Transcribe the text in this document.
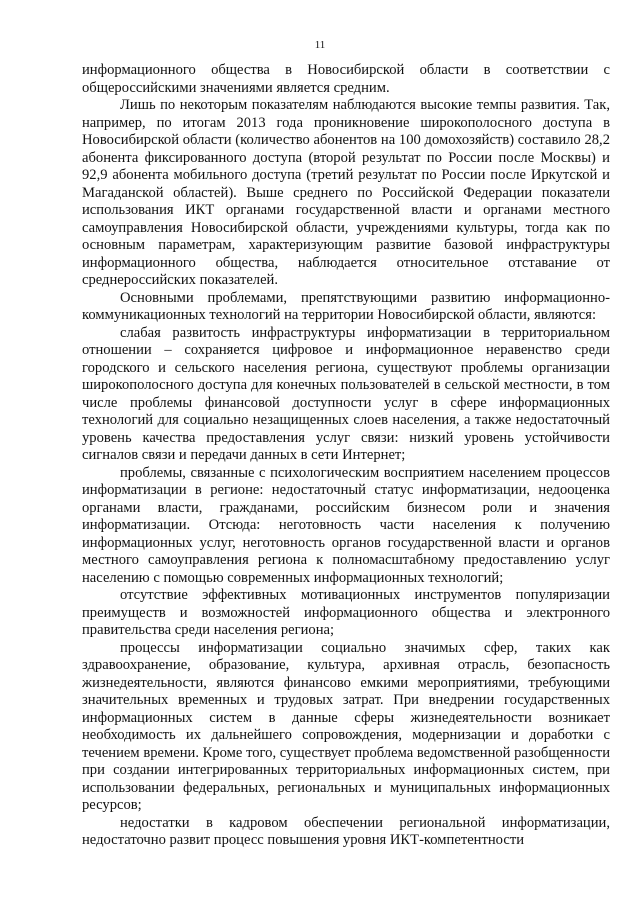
11

информационного общества в Новосибирской области в соответствии с общероссийскими значениями является средним.

Лишь по некоторым показателям наблюдаются высокие темпы развития. Так, например, по итогам 2013 года проникновение широкополосного доступа в Новосибирской области (количество абонентов на 100 домохозяйств) составило 28,2 абонента фиксированного доступа (второй результат по России после Москвы) и 92,9 абонента мобильного доступа (третий результат по России после Иркутской и Магаданской областей). Выше среднего по Российской Федерации показатели использования ИКТ органами государственной власти и органами местного самоуправления Новосибирской области, учреждениями культуры, тогда как по основным параметрам, характеризующим развитие базовой инфраструктуры информационного общества, наблюдается относительное отставание от среднероссийских показателей.

Основными проблемами, препятствующими развитию информационно-коммуникационных технологий на территории Новосибирской области, являются:

слабая развитость инфраструктуры информатизации в территориальном отношении – сохраняется цифровое и информационное неравенство среди городского и сельского населения региона, существуют проблемы организации широкополосного доступа для конечных пользователей в сельской местности, в том числе проблемы финансовой доступности услуг в сфере информационных технологий для социально незащищенных слоев населения, а также недостаточный уровень качества предоставления услуг связи: низкий уровень устойчивости сигналов связи и передачи данных в сети Интернет;

проблемы, связанные с психологическим восприятием населением процессов информатизации в регионе: недостаточный статус информатизации, недооценка органами власти, гражданами, российским бизнесом роли и значения информатизации. Отсюда: неготовность части населения к получению информационных услуг, неготовность органов государственной власти и органов местного самоуправления региона к полномасштабному предоставлению услуг населению с помощью современных информационных технологий;

отсутствие эффективных мотивационных инструментов популяризации преимуществ и возможностей информационного общества и электронного правительства среди населения региона;

процессы информатизации социально значимых сфер, таких как здравоохранение, образование, культура, архивная отрасль, безопасность жизнедеятельности, являются финансово емкими мероприятиями, требующими значительных временных и трудовых затрат. При внедрении государственных информационных систем в данные сферы жизнедеятельности возникает необходимость их дальнейшего сопровождения, модернизации и доработки с течением времени. Кроме того, существует проблема ведомственной разобщенности при создании интегрированных территориальных информационных систем, при использовании федеральных, региональных и муниципальных информационных ресурсов;

недостатки в кадровом обеспечении региональной информатизации, недостаточно развит процесс повышения уровня ИКТ-компетентности
